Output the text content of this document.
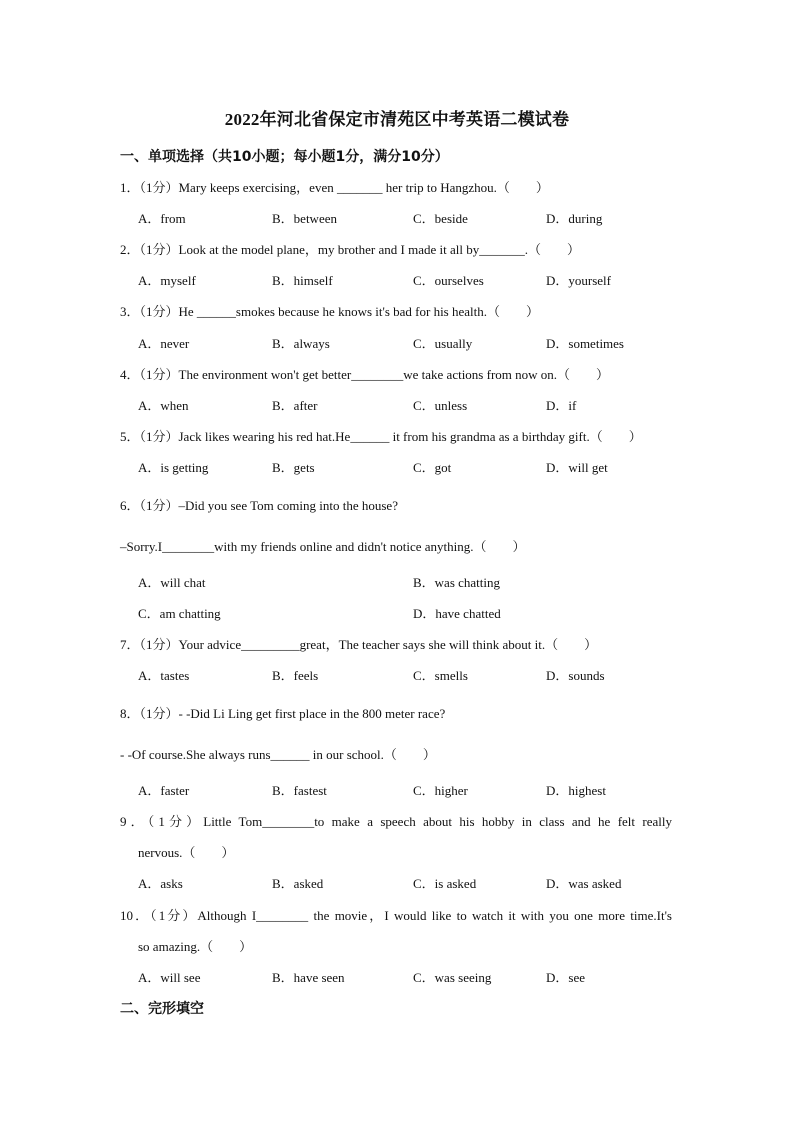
2022年河北省保定市清苑区中考英语二模试卷
一、单项选择（共10小题；每小题1分，满分10分）
1．（1分）Mary keeps exercising，even _______ her trip to Hangzhou.（　　）
A．from	B．between	C．beside	D．during
2．（1分）Look at the model plane，my brother and I made it all by_______.（　　）
A．myself	B．himself	C．ourselves	D．yourself
3．（1分）He ______smokes because he knows it's bad for his health.（　　）
A．never	B．always	C．usually	D．sometimes
4．（1分）The environment won't get better________we take actions from now on.（　　）
A．when	B．after	C．unless	D．if
5．（1分）Jack likes wearing his red hat.He______ it from his grandma as a birthday gift.（　　）
A．is getting	B．gets	C．got	D．will get
6．（1分）–Did you see Tom coming into the house?
–Sorry.I________with my friends online and didn't notice anything.（　　）
A．will chat	B．was chatting
C．am chatting	D．have chatted
7．（1分）Your advice_________great，The teacher says she will think about it.（　　）
A．tastes	B．feels	C．smells	D．sounds
8．（1分）- -Did Li Ling get first place in the 800 meter race?
- -Of course.She always runs______ in our school.（　　）
A．faster	B．fastest	C．higher	D．highest
9．（1分）Little Tom________to make a speech about his hobby in class and he felt really
nervous.（　　）
A．asks	B．asked	C．is asked	D．was asked
10．（1分）Although I________ the movie，I would like to watch it with you one more time.It's
so amazing.（　　）
A．will see	B．have seen	C．was seeing	D．see
二、完形填空
